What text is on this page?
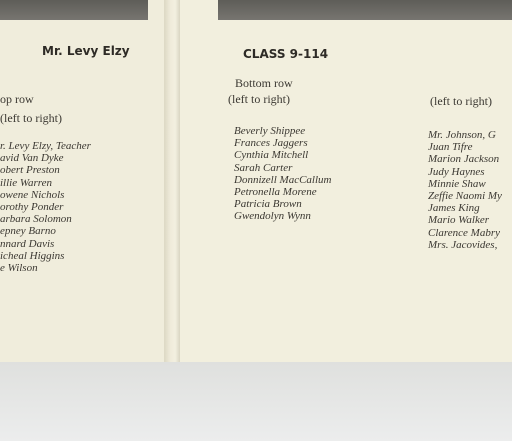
Mr. Levy Elzy
op row
(left to right)
r. Levy Elzy, Teacher
avid Van Dyke
obert Preston
illie Warren
owene Nichols
orothy Ponder
arbara Solomon
epney Barno
nnard Davis
icheal Higgins
e Wilson
CLASS 9-114
Bottom row
(left to right)	(left to right)
Beverly Shippee
Frances Jaggers
Cynthia Mitchell
Sarah Carter
Donnizell MacCallum
Petronella Morene
Patricia Brown
Gwendolyn Wynn
Mr. Johnson, G
Juan Tifre
Marion Jackson
Judy Haynes
Minnie Shaw
Zeffie Naomi My
James King
Mario Walker
Clarence Mabry
Mrs. Jacovides,
